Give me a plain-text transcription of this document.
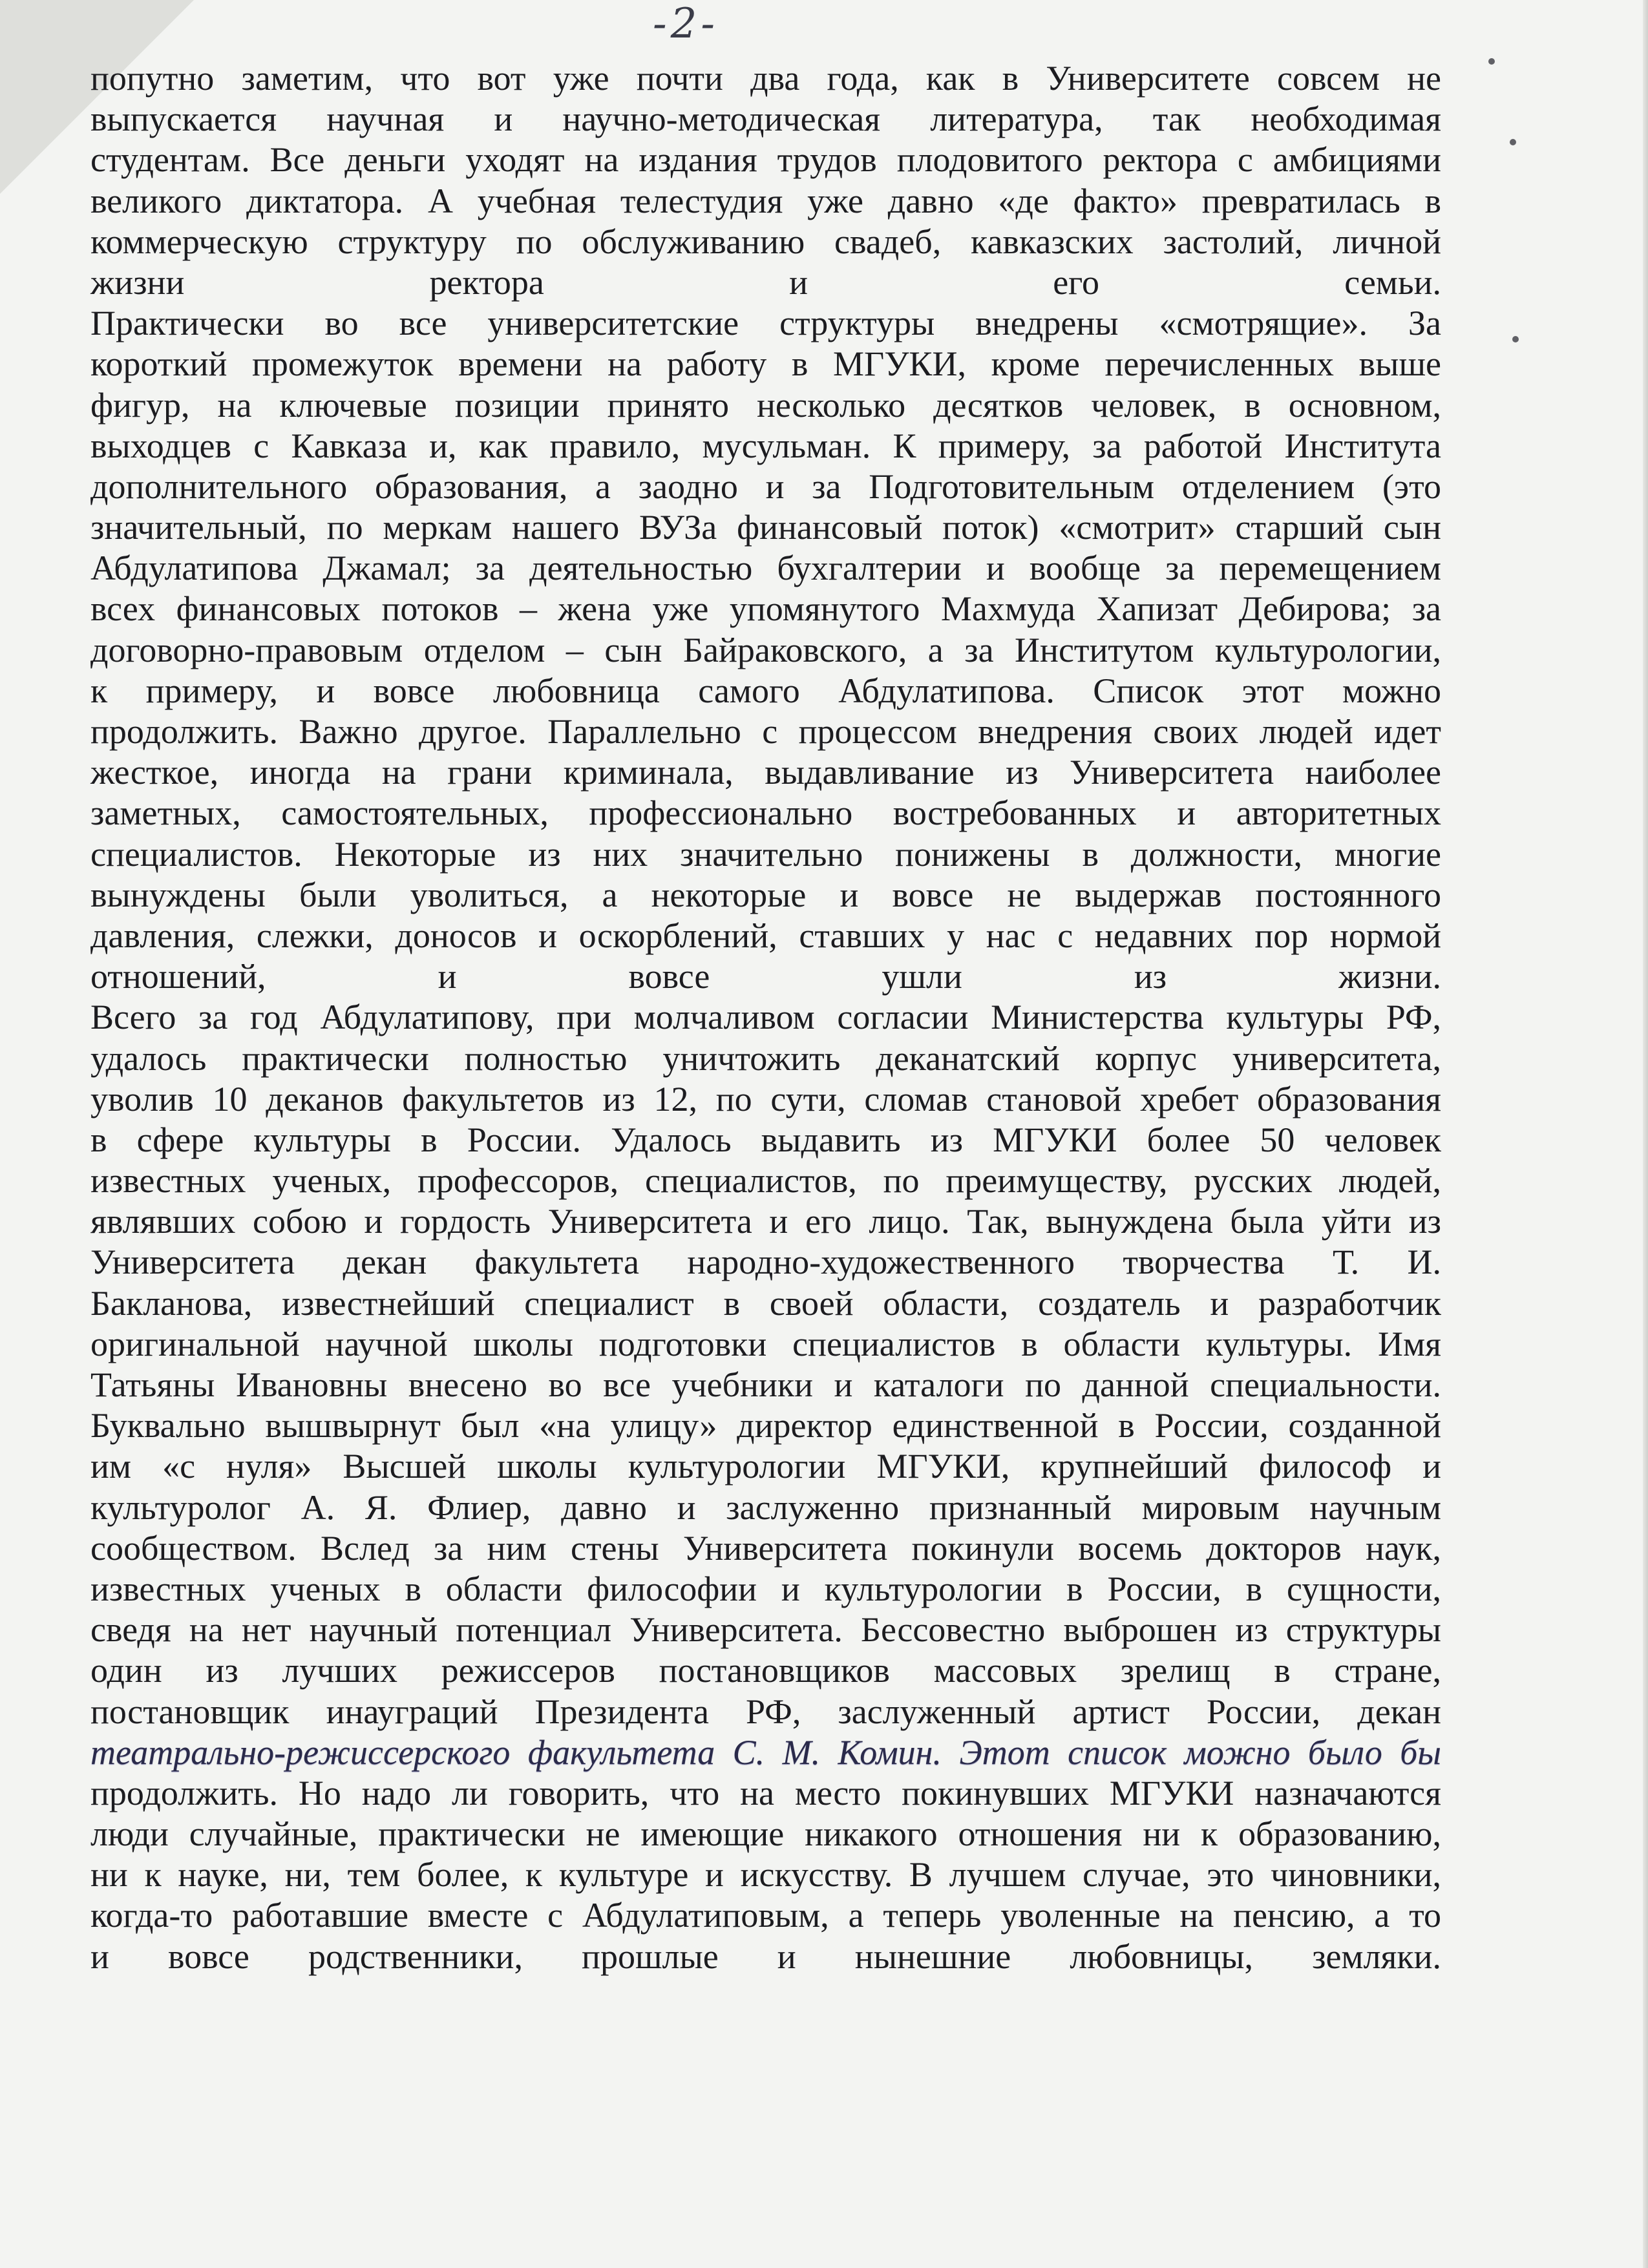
-2-
попутно заметим, что вот уже почти два года, как в Университете совсем не
выпускается научная и научно-методическая литература, так необходимая
студентам. Все деньги уходят на издания трудов плодовитого ректора с амбициями
великого диктатора. А учебная телестудия уже давно «де факто» превратилась в
коммерческую структуру по обслуживанию свадеб, кавказских застолий, личной
жизни ректора и его семьи.
Практически во все университетские структуры внедрены «смотрящие». За
короткий промежуток времени на работу в МГУКИ, кроме перечисленных выше
фигур, на ключевые позиции принято несколько десятков человек, в основном,
выходцев с Кавказа и, как правило, мусульман. К примеру, за работой Института
дополнительного образования, а заодно и за Подготовительным отделением (это
значительный, по меркам нашего ВУЗа финансовый поток) «смотрит» старший сын
Абдулатипова Джамал; за деятельностью бухгалтерии и вообще за перемещением
всех финансовых потоков – жена уже упомянутого Махмуда Хапизат Дебирова; за
договорно-правовым отделом – сын Байраковского, а за Институтом культурологии,
к примеру, и вовсе любовница самого Абдулатипова. Список этот можно
продолжить. Важно другое. Параллельно с процессом внедрения своих людей идет
жесткое, иногда на грани криминала, выдавливание из Университета наиболее
заметных, самостоятельных, профессионально востребованных и авторитетных
специалистов. Некоторые из них значительно понижены в должности, многие
вынуждены были уволиться, а некоторые и вовсе не выдержав постоянного
давления, слежки, доносов и оскорблений, ставших у нас с недавних пор нормой
отношений, и вовсе ушли из жизни.
Всего за год Абдулатипову, при молчаливом согласии Министерства культуры РФ,
удалось практически полностью уничтожить деканатский корпус университета,
уволив 10 деканов факультетов из 12, по сути, сломав становой хребет образования
в сфере культуры в России. Удалось выдавить из МГУКИ более 50 человек
известных ученых, профессоров, специалистов, по преимуществу, русских людей,
являвших собою и гордость Университета и его лицо. Так, вынуждена была уйти из
Университета декан факультета народно-художественного творчества Т. И.
Бакланова, известнейший специалист в своей области, создатель и разработчик
оригинальной научной школы подготовки специалистов в области культуры. Имя
Татьяны Ивановны внесено во все учебники и каталоги по данной специальности.
Буквально вышвырнут был «на улицу» директор единственной в России, созданной
им «с нуля» Высшей школы культурологии МГУКИ, крупнейший философ и
культуролог А. Я. Флиер, давно и заслуженно признанный мировым научным
сообществом. Вслед за ним стены Университета покинули восемь докторов наук,
известных ученых в области философии и культурологии в России, в сущности,
сведя на нет научный потенциал Университета. Бессовестно выброшен из структуры
один из лучших режиссеров постановщиков массовых зрелищ в стране,
постановщик инауграций Президента РФ, заслуженный артист России, декан
театрально-режиссерского факультета С. М. Комин. Этот список можно было бы
продолжить. Но надо ли говорить, что на место покинувших МГУКИ назначаются
люди случайные, практически не имеющие никакого отношения ни к образованию,
ни к науке, ни, тем более, к культуре и искусству. В лучшем случае, это чиновники,
когда-то работавшие вместе с Абдулатиповым, а теперь уволенные на пенсию, а то
и вовсе родственники, прошлые и нынешние любовницы, земляки.
